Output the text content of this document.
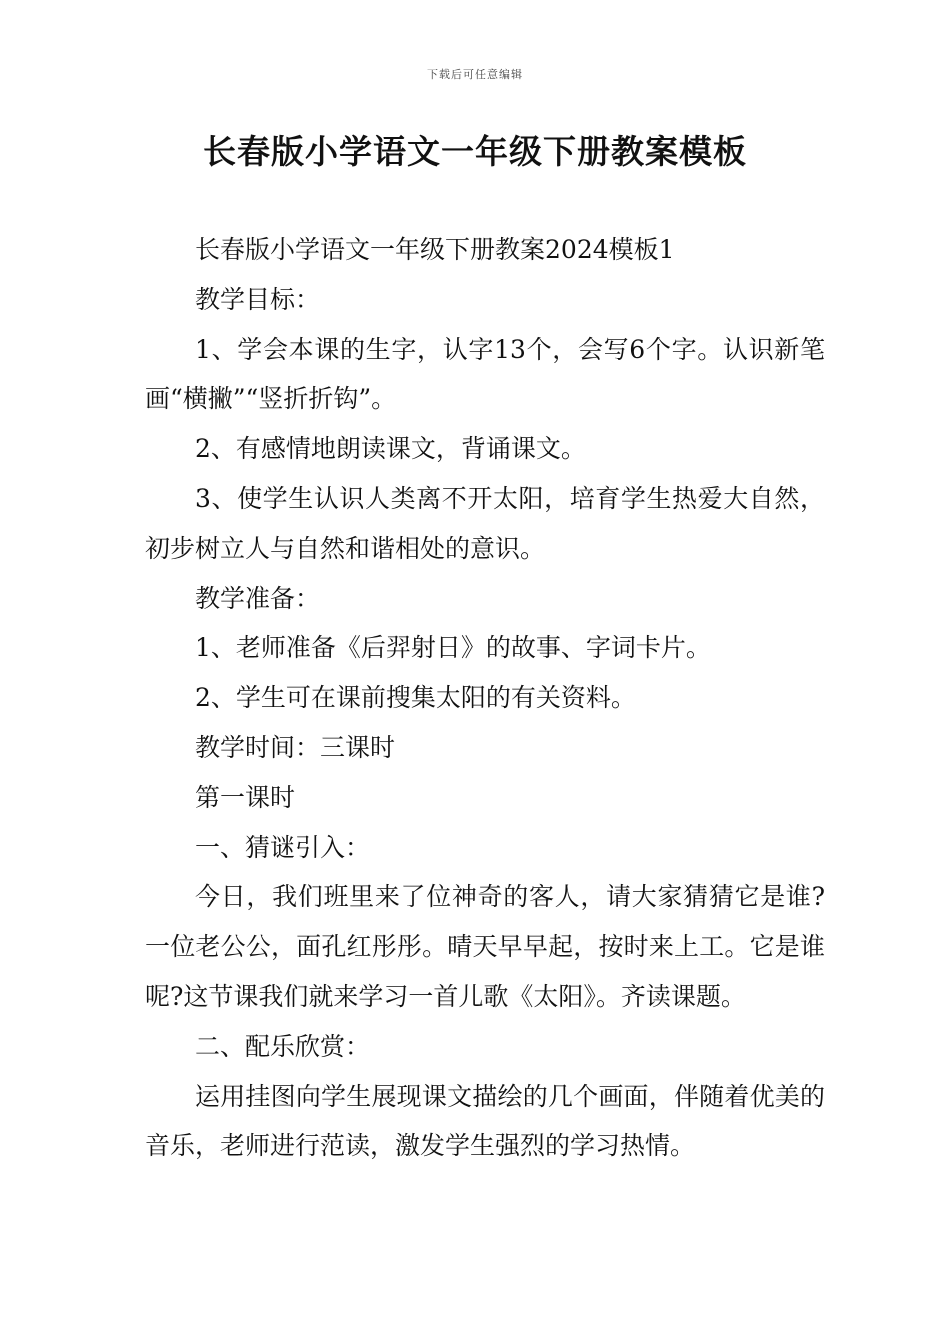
下载后可任意编辑
长春版小学语文一年级下册教案模板

长春版小学语文一年级下册教案2024模板1

教学目标：

1、学会本课的生字，认字13个，会写6个字。认识新笔画“横撇”“竖折折钩”。

2、有感情地朗读课文，背诵课文。

3、使学生认识人类离不开太阳，培育学生热爱大自然，初步树立人与自然和谐相处的意识。

教学准备：

1、老师准备《后羿射日》的故事、字词卡片。

2、学生可在课前搜集太阳的有关资料。

教学时间：三课时

第一课时

一、猜谜引入：

今日，我们班里来了位神奇的客人，请大家猜猜它是谁?一位老公公，面孔红彤彤。晴天早早起，按时来上工。它是谁呢?这节课我们就来学习一首儿歌《太阳》。齐读课题。

二、配乐欣赏：

运用挂图向学生展现课文描绘的几个画面，伴随着优美的音乐，老师进行范读，激发学生强烈的学习热情。
